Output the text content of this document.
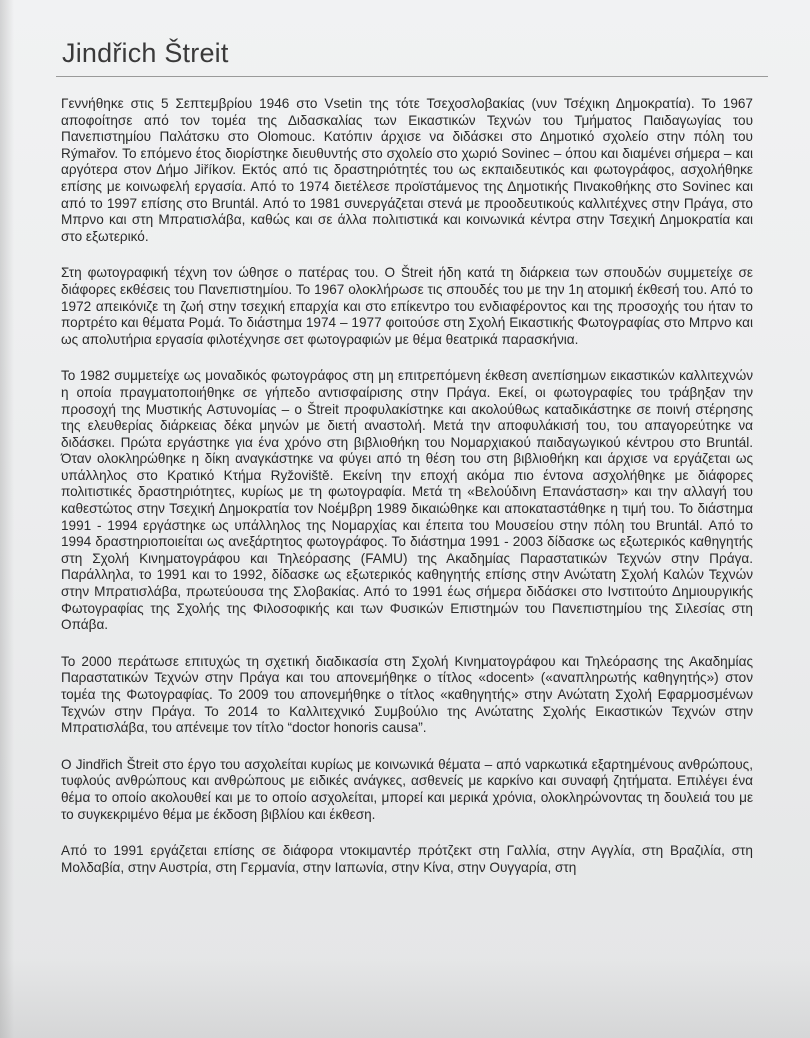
Jindřich Štreit

Γεννήθηκε στις 5 Σεπτεμβρίου 1946 στο Vsetin της τότε Τσεχοσλοβακίας (νυν Τσέχικη Δημοκρατία). Το 1967 αποφοίτησε από τον τομέα της Διδασκαλίας των Εικαστικών Τεχνών του Τμήματος Παιδαγωγίας του Πανεπιστημίου Παλάτσκυ στο Olomouc. Κατόπιν άρχισε να διδάσκει στο Δημοτικό σχολείο στην πόλη του Rýmařov. Το επόμενο έτος διορίστηκε διευθυντής στο σχολείο στο χωριό Sovinec – όπου και διαμένει σήμερα – και αργότερα στον Δήμο Jiříkov. Εκτός από τις δραστηριότητές του ως εκπαιδευτικός και φωτογράφος, ασχολήθηκε επίσης με κοινωφελή εργασία. Από το 1974 διετέλεσε προϊστάμενος της Δημοτικής Πινακοθήκης στο Sovinec και από το 1997 επίσης στο Bruntál. Από το 1981 συνεργάζεται στενά με προοδευτικούς καλλιτέχνες στην Πράγα, στο Μπρνο και στη Μπρατισλάβα, καθώς και σε άλλα πολιτιστικά και κοινωνικά κέντρα στην Τσεχική Δημοκρατία και στο εξωτερικό.

Στη φωτογραφική τέχνη τον ώθησε ο πατέρας του. Ο Štreit ήδη κατά τη διάρκεια των σπουδών συμμετείχε σε διάφορες εκθέσεις του Πανεπιστημίου. Το 1967 ολοκλήρωσε τις σπουδές του με την 1η ατομική έκθεσή του. Από το 1972 απεικόνιζε τη ζωή στην τσεχική επαρχία και στο επίκεντρο του ενδιαφέροντος και της προσοχής του ήταν το πορτρέτο και θέματα Ρομά. Το διάστημα 1974 – 1977 φοιτούσε στη Σχολή Εικαστικής Φωτογραφίας στο Μπρνο και ως απολυτήρια εργασία φιλοτέχνησε σετ φωτογραφιών με θέμα θεατρικά παρασκήνια.

Το 1982 συμμετείχε ως μοναδικός φωτογράφος στη μη επιτρεπόμενη έκθεση ανεπίσημων εικαστικών καλλιτεχνών η οποία πραγματοποιήθηκε σε γήπεδο αντισφαίρισης στην Πράγα. Εκεί, οι φωτογραφίες του τράβηξαν την προσοχή της Μυστικής Αστυνομίας – ο Štreit προφυλακίστηκε και ακολούθως καταδικάστηκε σε ποινή στέρησης της ελευθερίας διάρκειας δέκα μηνών με διετή αναστολή. Μετά την αποφυλάκισή του, του απαγορεύτηκε να διδάσκει. Πρώτα εργάστηκε για ένα χρόνο στη βιβλιοθήκη του Νομαρχιακού παιδαγωγικού κέντρου στο Bruntál. Όταν ολοκληρώθηκε η δίκη αναγκάστηκε να φύγει από τη θέση του στη βιβλιοθήκη και άρχισε να εργάζεται ως υπάλληλος στο Κρατικό Κτήμα Ryžoviště. Εκείνη την εποχή ακόμα πιο έντονα ασχολήθηκε με διάφορες πολιτιστικές δραστηριότητες, κυρίως με τη φωτογραφία. Μετά τη «Βελούδινη Επανάσταση» και την αλλαγή του καθεστώτος στην Τσεχική Δημοκρατία τον Νοέμβρη 1989 δικαιώθηκε και αποκαταστάθηκε η τιμή του. Το διάστημα 1991 - 1994 εργάστηκε ως υπάλληλος της Νομαρχίας και έπειτα του Μουσείου στην πόλη του Bruntál. Από το 1994 δραστηριοποιείται ως ανεξάρτητος φωτογράφος. Το διάστημα 1991 - 2003 δίδασκε ως εξωτερικός καθηγητής στη Σχολή Κινηματογράφου και Τηλεόρασης (FAMU) της Ακαδημίας Παραστατικών Τεχνών στην Πράγα. Παράλληλα, το 1991 και το 1992, δίδασκε ως εξωτερικός καθηγητής επίσης στην Ανώτατη Σχολή Καλών Τεχνών στην Μπρατισλάβα, πρωτεύουσα της Σλοβακίας. Από το 1991 έως σήμερα διδάσκει στο Ινστιτούτο Δημιουργικής Φωτογραφίας της Σχολής της Φιλοσοφικής και των Φυσικών Επιστημών του Πανεπιστημίου της Σιλεσίας στη Οπάβα.

Το 2000 περάτωσε επιτυχώς τη σχετική διαδικασία στη Σχολή Κινηματογράφου και Τηλεόρασης της Ακαδημίας Παραστατικών Τεχνών στην Πράγα και του απονεμήθηκε ο τίτλος «docent» («αναπληρωτής καθηγητής») στον τομέα της Φωτογραφίας. Το 2009 του απονεμήθηκε ο τίτλος «καθηγητής» στην Ανώτατη Σχολή Εφαρμοσμένων Τεχνών στην Πράγα. Το 2014 το Καλλιτεχνικό Συμβούλιο της Ανώτατης Σχολής Εικαστικών Τεχνών στην Μπρατισλάβα, του απένειμε τον τίτλο “doctor honoris causa”.

Ο Jindřich Štreit στο έργο του ασχολείται κυρίως με κοινωνικά θέματα – από ναρκωτικά εξαρτημένους ανθρώπους, τυφλούς ανθρώπους και ανθρώπους με ειδικές ανάγκες, ασθενείς με καρκίνο και συναφή ζητήματα. Επιλέγει ένα θέμα το οποίο ακολουθεί και με το οποίο ασχολείται, μπορεί και μερικά χρόνια, ολοκληρώνοντας τη δουλειά του με το συγκεκριμένο θέμα με έκδοση βιβλίου και έκθεση.

Από το 1991 εργάζεται επίσης σε διάφορα ντοκιμαντέρ πρότζεκτ στη Γαλλία, στην Αγγλία, στη Βραζιλία, στη Μολδαβία, στην Αυστρία, στη Γερμανία, στην Ιαπωνία, στην Κίνα, στην Ουγγαρία, στη
